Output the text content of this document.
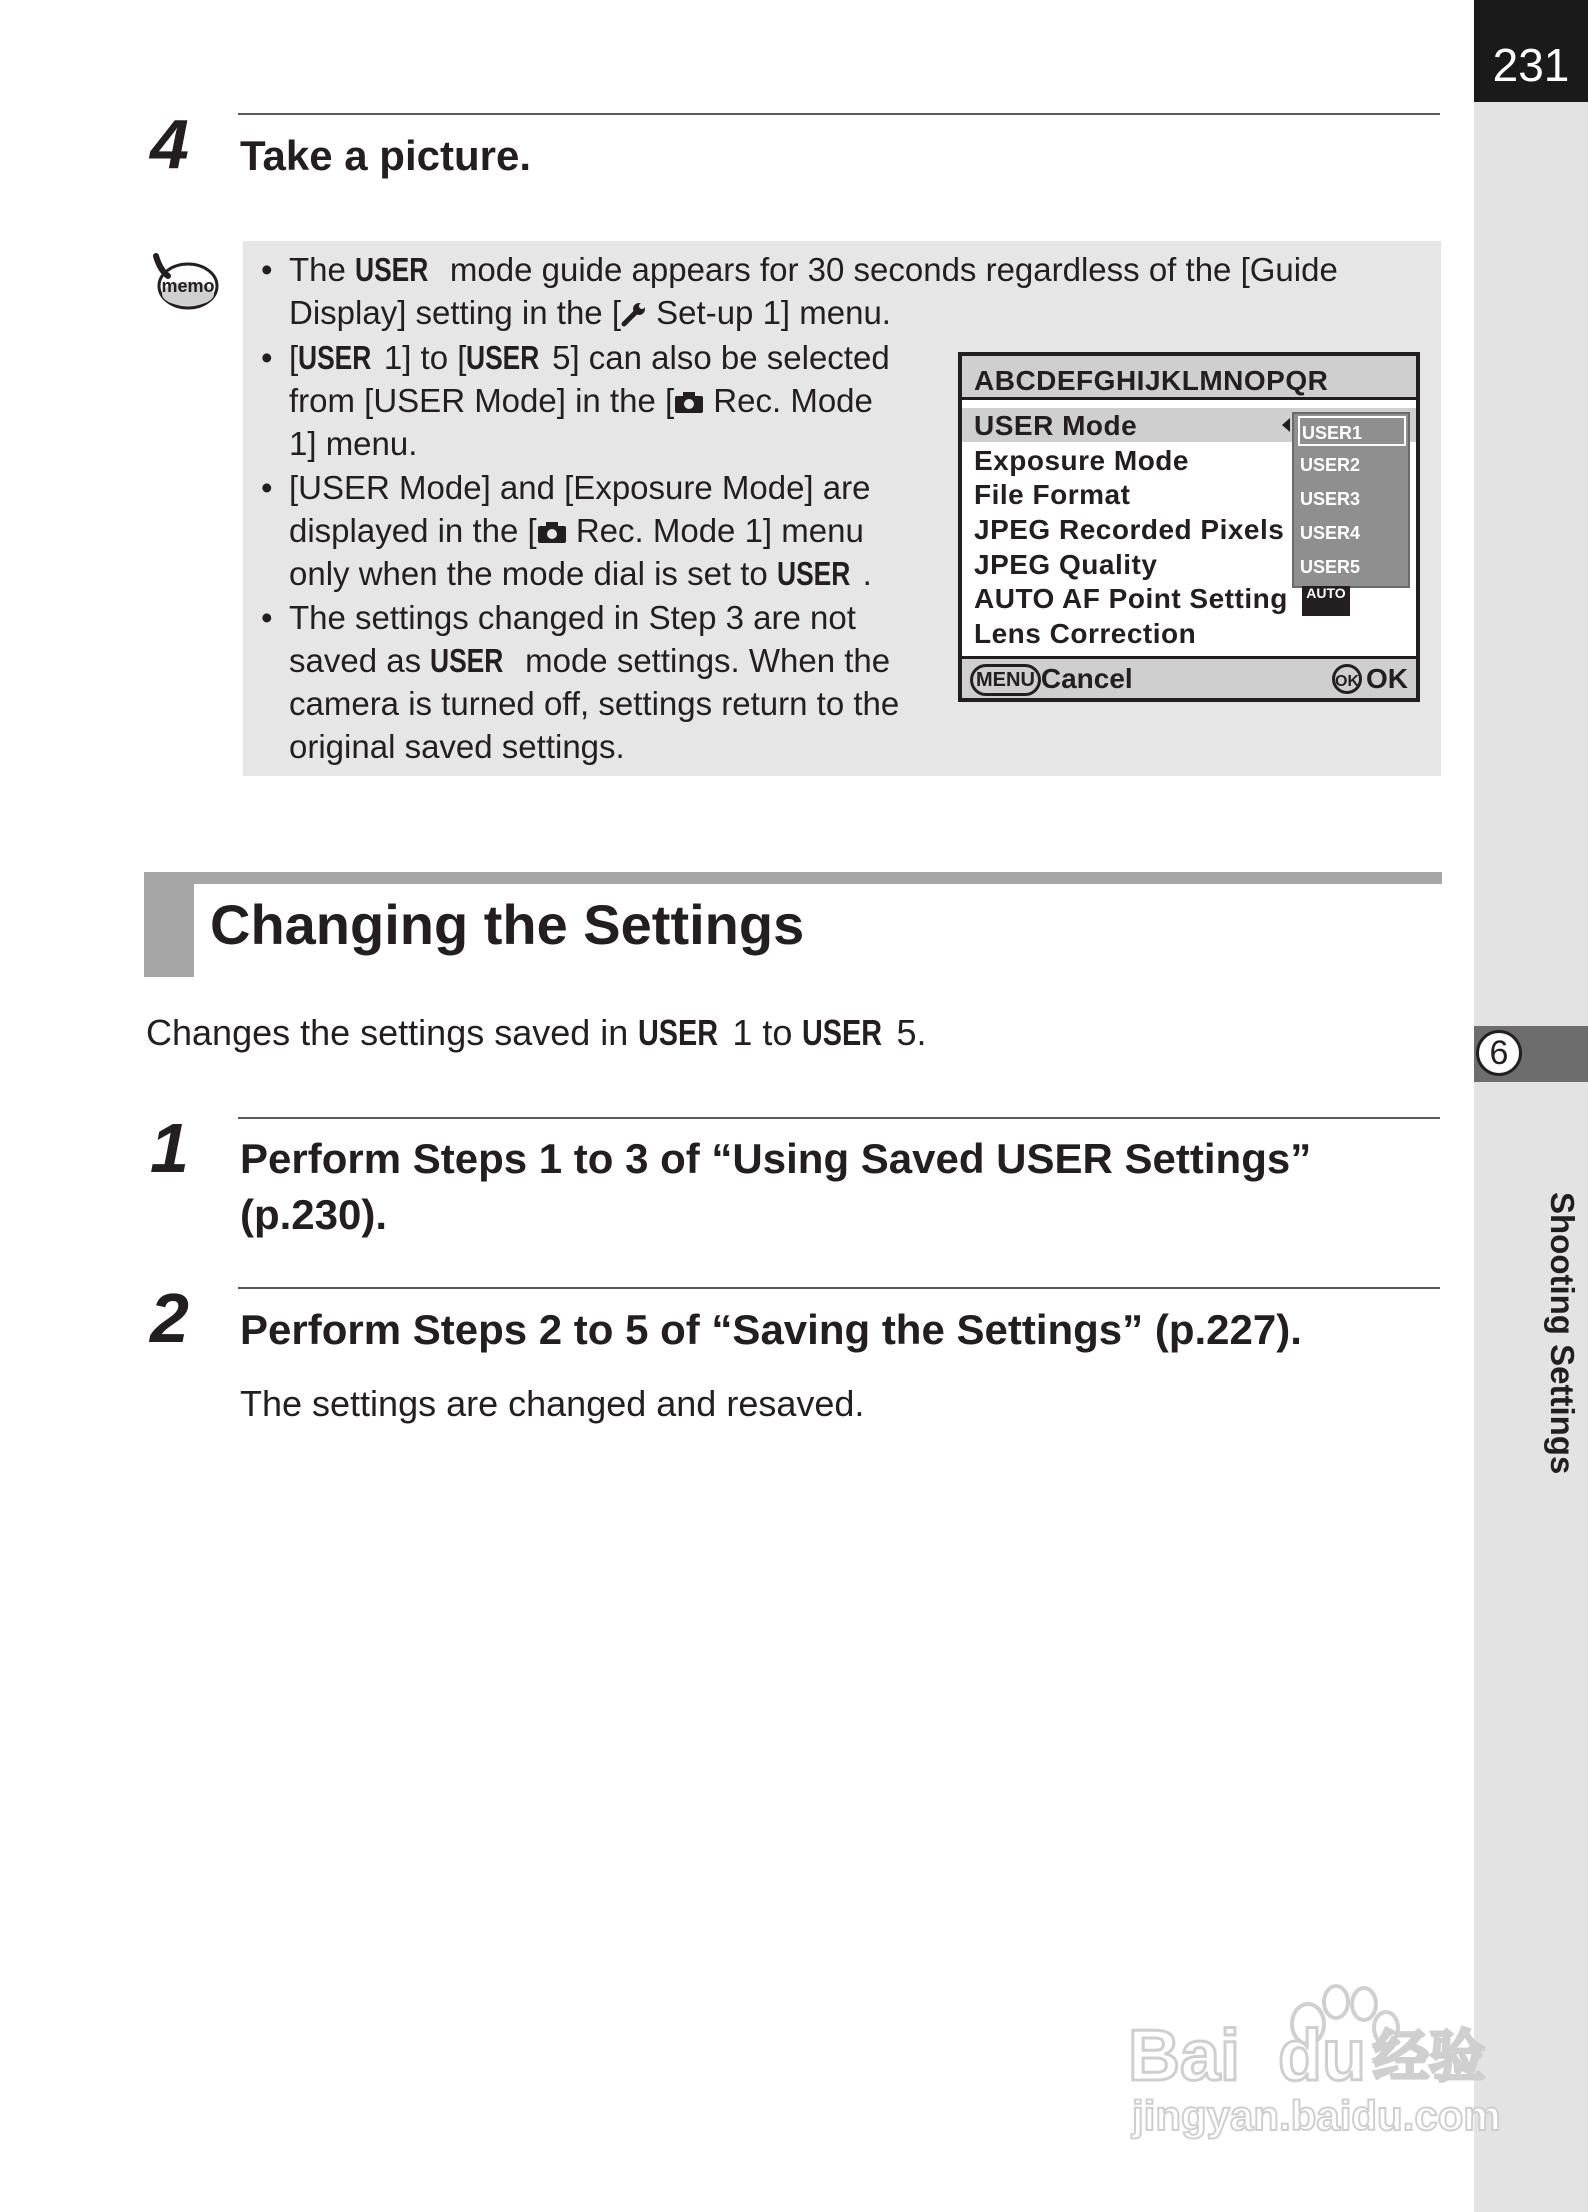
231
6
Shooting Settings
4 Take a picture.
memo • The USER mode guide appears for 30 seconds regardless of the [Guide
Display] setting in the [ Set-up 1] menu.
• [USER 1] to [USER 5] can also be selected
from [USER Mode] in the [ Rec. Mode
1] menu.
• [USER Mode] and [Exposure Mode] are
displayed in the [ Rec. Mode 1] menu
only when the mode dial is set to USER .
• The settings changed in Step 3 are not
saved as USER mode settings. When the
camera is turned off, settings return to the
original saved settings.
ABCDEFGHIJKLMNOPQR
USER Mode
Exposure Mode
File Format
JPEG Recorded Pixels
JPEG Quality
AUTO AF Point Setting
Lens Correction
USER1
USER2
USER3
USER4
USER5
AUTO
MENU Cancel	OK OK
Changing the Settings
Changes the settings saved in USER 1 to USER 5.
1 Perform Steps 1 to 3 of “Using Saved USER Settings”
(p.230).
2 Perform Steps 2 to 5 of “Saving the Settings” (p.227).
The settings are changed and resaved.
Bai du 经验
jingyan.baidu.com
